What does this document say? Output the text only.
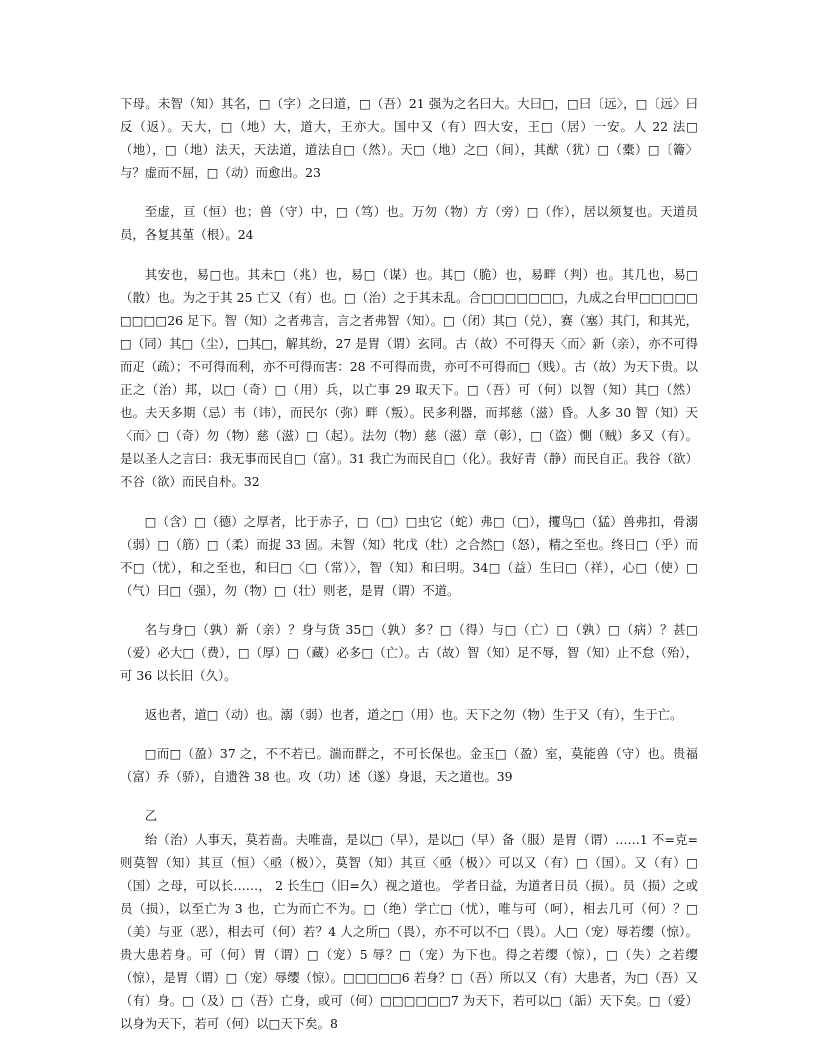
下母。未智（知）其名，□（字）之曰道，□（吾）21 强为之名曰大。大曰□，□曰〔远〉，□〔远〉曰反（返）。天大，□（地）大，道大，王亦大。国中又（有）四大安，王□（居）一安。人 22 法□（地），□（地）法天，天法道，道法自□（然）。天□（地）之□（间），其猷（犹）□（橐）□〔籥〉与？虚而不屈，□（动）而愈出。23

至虚，亘（恒）也；兽（守）中，□（笃）也。万勿（物）方（旁）□（作），居以须复也。天道员员，各复其堇（根）。24

其安也，易□也。其未□（兆）也，易□（谋）也。其□（脆）也，易畔（判）也。其几也，易□（散）也。为之于其 25 亡又（有）也。□（治）之于其未乱。合□□□□□□□，九成之台甲□□□□□□□□□26 足下。智（知）之者弗言，言之者弗智（知）。□（闭）其□（兑），赛（塞）其门，和其光，□（同）其□（尘），□其□，解其纷，27 是胃（谓）玄同。古（故）不可得天〈而〉新（亲），亦不可得而疋（疏）；不可得而利，亦不可得而害：28 不可得而贵，亦可不可得而□（贱）。古（故）为天下贵。以正之（治）邦，以□（奇）□（用）兵，以亡事 29 取天下。□（吾）可（何）以智（知）其□（然）也。夫天多期（忌）韦（讳），而民尔（弥）畔（叛）。民多利器，而邦慈（滋）昏。人多 30 智（知）天〈而〉□（奇）勿（物）慈（滋）□（起）。法勿（物）慈（滋）章（彰），□（盗）惻（贼）多又（有）。是以圣人之言曰：我无事而民自□（富）。31 我亡为而民自□（化）。我好青（静）而民自正。我谷（欲）不谷（欲）而民自朴。32

□（含）□（德）之厚者，比于赤子，□（□）□虫它（蛇）弗□（□），攫鸟□（猛）兽弗扣，骨溺（弱）□（筋）□（柔）而捉 33 固。未智（知）牝戊（牡）之合然□（怒），精之至也。终日□（乎）而不□（忧），和之至也，和曰□〈□（常）〉，智（知）和曰明。34□（益）生曰□（祥），心□（使）□（气）曰□（强），勿（物）□（壮）则老，是胃（谓）不道。

名与身□（孰）新（亲）？身与货 35□（孰）多？□（得）与□（亡）□（孰）□（病）？甚□（爱）必大□（费），□（厚）□（藏）必多□（亡）。古（故）智（知）足不辱，智（知）止不怠（殆），可 36 以长旧（久）。

返也者，道□（动）也。溺（弱）也者，道之□（用）也。天下之勿（物）生于又（有），生于亡。

□而□（盈）37 之，不不若已。湍而群之，不可长保也。金玉□（盈）室，莫能兽（守）也。贵福（富）乔（骄），自遗咎 38 也。攻（功）述（遂）身退，天之道也。39

乙

绐（治）人事天，莫若啬。夫唯啬，是以□（早），是以□（早）备（服）是胃（谓）……1 不=克=则莫智（知）其亘（恒）〈亟（极）〉，莫智（知）其亘〈亟（极）〉可以又（有）□（国）。又（有）□（国）之母，可以长……， 2 长生□（旧=久）视之道也。 学者日益，为道者日员（损）。员（损）之或员（损），以至亡为 3 也，亡为而亡不为。□（绝）学亡□（忧），唯与可（呵），相去几可（何）？□（美）与亚（恶），相去可（何）若？4 人之所□（畏），亦不可以不□（畏）。人□（宠）辱若缨（惊）。贵大患若身。可（何）胃（谓）□（宠）5 辱？□（宠）为下也。得之若缨（惊），□（失）之若缨（惊），是胃（谓）□（宠）辱缨（惊）。□□□□□6 若身？□（吾）所以又（有）大患者，为□（吾）又（有）身。□（及）□（吾）亡身，或可（何）□□□□□□7 为天下，若可以□（詬）天下矣。□（爱）以身为天下，若可（何）以□天下矣。8
